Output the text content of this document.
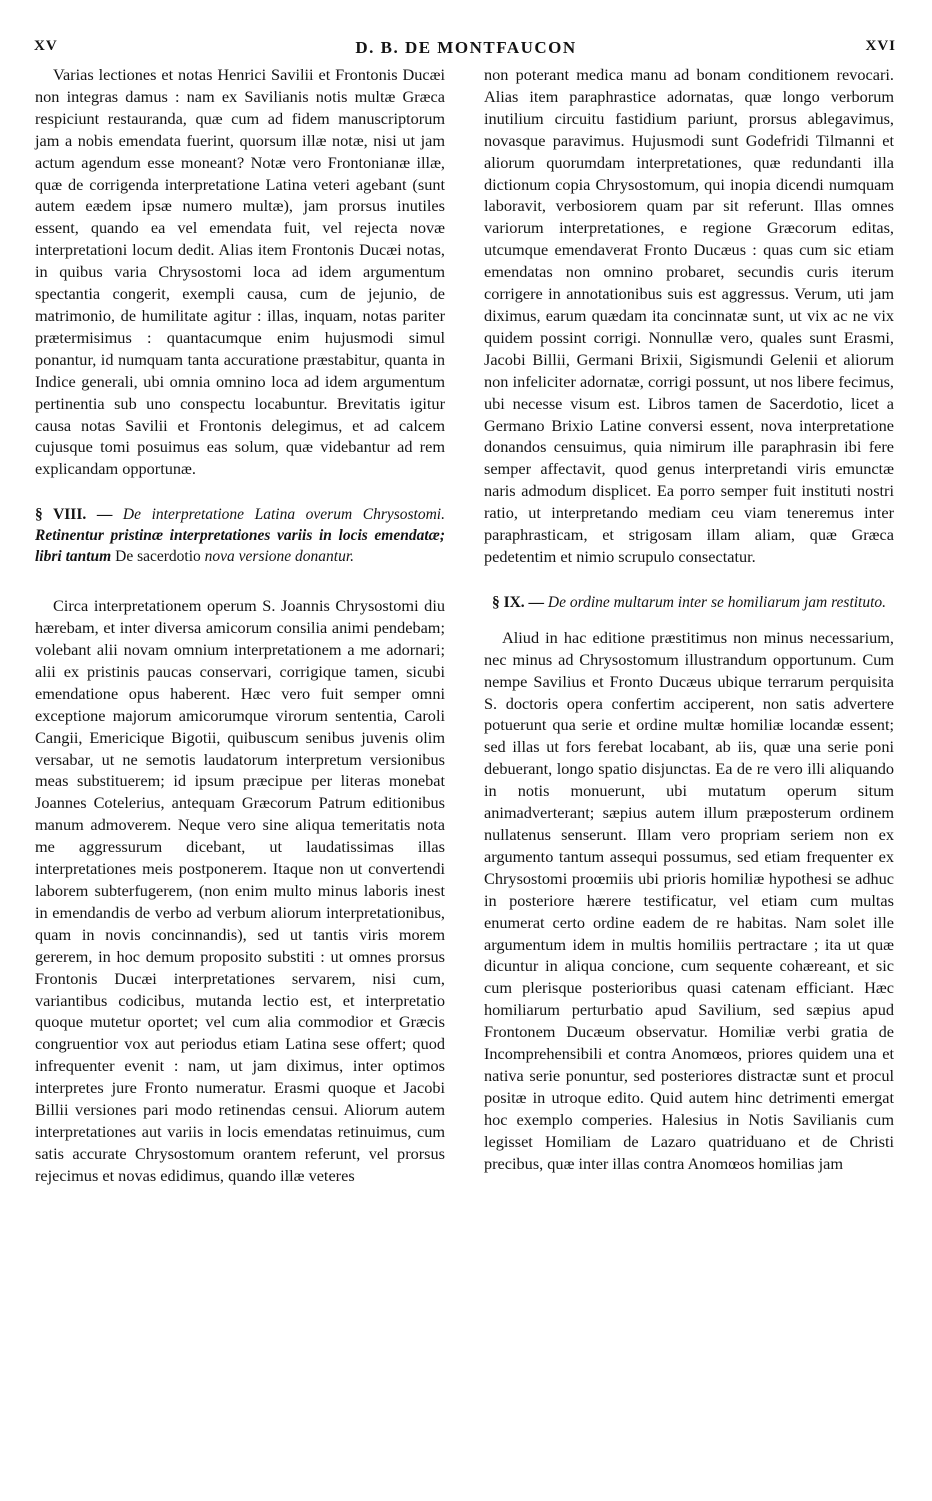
XV	D. B. DE MONTFAUCON	XVI

Varias lectiones et notas Henrici Savilii et Frontonis Ducæi non integras damus : nam ex Savilianis notis multæ Græca respiciunt restauranda, quæ cum ad fidem manuscriptorum jam a nobis emendata fuerint, quorsum illæ notæ, nisi ut jam actum agendum esse moneant? Notæ vero Frontonianæ illæ, quæ de corrigenda interpretatione Latina veteri agebant (sunt autem eædem ipsæ numero multæ), jam prorsus inutiles essent, quando ea vel emendata fuit, vel rejecta novæ interpretationi locum dedit. Alias item Frontonis Ducæi notas, in quibus varia Chrysostomi loca ad idem argumentum spectantia congerit, exempli causa, cum de jejunio, de matrimonio, de humilitate agitur : illas, inquam, notas pariter prætermisimus : quantacumque enim hujusmodi simul ponantur, id numquam tanta accuratione præstabitur, quanta in Indice generali, ubi omnia omnino loca ad idem argumentum pertinentia sub uno conspectu locabuntur. Brevitatis igitur causa notas Savilii et Frontonis delegimus, et ad calcem cujusque tomi posuimus eas solum, quæ videbantur ad rem explicandam opportunæ.

§ VIII. — De interpretatione Latina overum Chrysostomi. Retinentur pristinæ interpretationes variis in locis emendatæ; libri tantum De sacerdotio nova versione donantur.

Circa interpretationem operum S. Joannis Chrysostomi diu hærebam, et inter diversa amicorum consilia animi pendebam; volebant alii novam omnium interpretationem a me adornari; alii ex pristinis paucas conservari, corrigique tamen, sicubi emendatione opus haberent. Hæc vero fuit semper omni exceptione majorum amicorumque virorum sententia, Caroli Cangii, Emericique Bigotii, quibuscum senibus juvenis olim versabar, ut ne semotis laudatorum interpretum versionibus meas substituerem; id ipsum præcipue per literas monebat Joannes Cotelerius, antequam Græcorum Patrum editionibus manum admoverem. Neque vero sine aliqua temeritatis nota me aggressurum dicebant, ut laudatissimas illas interpretationes meis postponerem. Itaque non ut convertendi laborem subterfugerem, (non enim multo minus laboris inest in emendandis de verbo ad verbum aliorum interpretationibus, quam in novis concinnandis), sed ut tantis viris morem gererem, in hoc demum proposito substiti : ut omnes prorsus Frontonis Ducæi interpretationes servarem, nisi cum, variantibus codicibus, mutanda lectio est, et interpretatio quoque mutetur oportet; vel cum alia commodior et Græcis congruentior vox aut periodus etiam Latina sese offert; quod infrequenter evenit : nam, ut jam diximus, inter optimos interpretes jure Fronto numeratur. Erasmi quoque et Jacobi Billii versiones pari modo retinendas censui. Aliorum autem interpretationes aut variis in locis emendatas retinuimus, cum satis accurate Chrysostomum orantem referunt, vel prorsus rejecimus et novas edidimus, quando illæ veteres

non poterant medica manu ad bonam conditionem revocari. Alias item paraphrastice adornatas, quæ longo verborum inutilium circuitu fastidium pariunt, prorsus ablegavimus, novasque paravimus. Hujusmodi sunt Godefridi Tilmanni et aliorum quorumdam interpretationes, quæ redundanti illa dictionum copia Chrysostomum, qui inopia dicendi numquam laboravit, verbosiorem quam par sit referunt. Illas omnes variorum interpretationes, e regione Græcorum editas, utcumque emendaverat Fronto Ducæus : quas cum sic etiam emendatas non omnino probaret, secundis curis iterum corrigere in annotationibus suis est aggressus. Verum, uti jam diximus, earum quædam ita concinnatæ sunt, ut vix ac ne vix quidem possint corrigi. Nonnullæ vero, quales sunt Erasmi, Jacobi Billii, Germani Brixii, Sigismundi Gelenii et aliorum non infeliciter adornatæ, corrigi possunt, ut nos libere fecimus, ubi necesse visum est. Libros tamen de Sacerdotio, licet a Germano Brixio Latine conversi essent, nova interpretatione donandos censuimus, quia nimirum ille paraphrasin ibi fere semper affectavit, quod genus interpretandi viris emunctæ naris admodum displicet. Ea porro semper fuit instituti nostri ratio, ut interpretando mediam ceu viam teneremus inter paraphrasticam, et strigosam illam aliam, quæ Græca pedetentim et nimio scrupulo consectatur.

§ IX. — De ordine multarum inter se homiliarum jam restituto.

Aliud in hac editione præstitimus non minus necessarium, nec minus ad Chrysostomum illustrandum opportunum. Cum nempe Savilius et Fronto Ducæus ubique terrarum perquisita S. doctoris opera confertim acciperent, non satis advertere potuerunt qua serie et ordine multæ homiliæ locandæ essent; sed illas ut fors ferebat locabant, ab iis, quæ una serie poni debuerant, longo spatio disjunctas. Ea de re vero illi aliquando in notis monuerunt, ubi mutatum operum situm animadverterant; sæpius autem illum præposterum ordinem nullatenus senserunt. Illam vero propriam seriem non ex argumento tantum assequi possumus, sed etiam frequenter ex Chrysostomi proœmiis ubi prioris homiliæ hypothesi se adhuc in posteriore hærere testificatur, vel etiam cum multas enumerat certo ordine eadem de re habitas. Nam solet ille argumentum idem in multis homiliis pertractare ; ita ut quæ dicuntur in aliqua concione, cum sequente cohæreant, et sic cum plerisque posterioribus quasi catenam efficiant. Hæc homiliarum perturbatio apud Savilium, sed sæpius apud Frontonem Ducæum observatur. Homiliæ verbi gratia de Incomprehensibili et contra Anomœos, priores quidem una et nativa serie ponuntur, sed posteriores distractæ sunt et procul positæ in utroque edito. Quid autem hinc detrimenti emergat hoc exemplo comperies. Halesius in Notis Savilianis cum legisset Homiliam de Lazaro quatriduano et de Christi precibus, quæ inter illas contra Anomœos homilias jam
